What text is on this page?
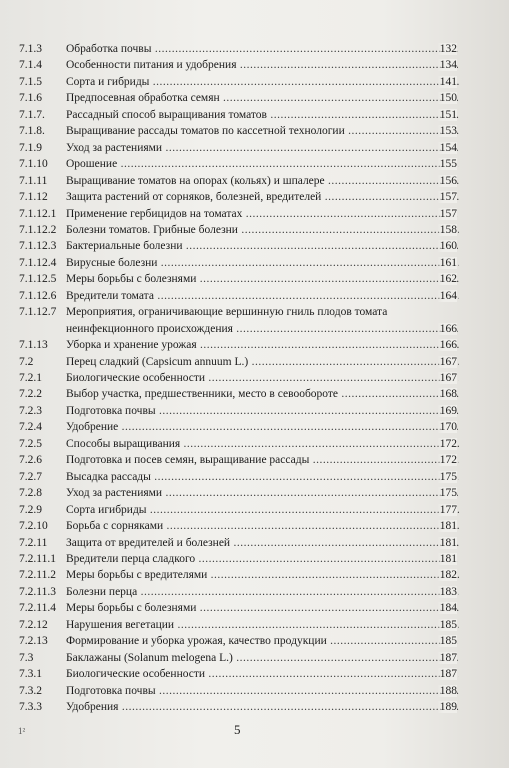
7.1.3 Обработка почвы .....	132
7.1.4 Особенности питания и удобрения .....	134
7.1.5 Сорта и гибриды .....	141
7.1.6 Предпосевная обработка семян .....	150
7.1.7. Рассадный способ выращивания томатов .....	151
7.1.8. Выращивание рассады томатов по кассетной технологии .....	153
7.1.9 Уход за растениями .....	154
7.1.10 Орошение .....	155
7.1.11 Выращивание томатов на опорах (кольях) и шпалере .....	156
7.1.12 Защита растений от сорняков, болезней, вредителей .....	157
7.1.12.1 Применение гербицидов на томатах .....	157
7.1.12.2 Болезни томатов. Грибные болезни .....	158
7.1.12.3 Бактериальные болезни .....	160
7.1.12.4 Вирусные болезни .....	161
7.1.12.5 Меры борьбы с болезнями .....	162
7.1.12.6 Вредители томата .....	164
7.1.12.7 Мероприятия, ограничивающие вершинную гниль плодов томата
неинфекционного происхождения .....	166
7.1.13 Уборка и хранение урожая .....	166
7.2	Перец сладкий (Capsicum annuum L.) .....	167
7.2.1 Биологические особенности .....	167
7.2.2 Выбор участка, предшественники, место в севообороте .....	168
7.2.3 Подготовка почвы .....	169
7.2.4 Удобрение .....	170
7.2.5 Способы выращивания .....	172
7.2.6 Подготовка и посев семян, выращивание рассады .....	172
7.2.7 Высадка рассады .....	175
7.2.8 Уход за растениями .....	175
7.2.9 Сорта игибриды .....	177
7.2.10 Борьба с сорняками .....	181
7.2.11 Защита от вредителей и болезней .....	181
7.2.11.1 Вредители перца сладкого .....	181
7.2.11.2 Меры борьбы с вредителями .....	182
7.2.11.3 Болезни перца .....	183
7.2.11.4 Меры борьбы с болезнями .....	184
7.2.12 Нарушения вегетации .....	185
7.2.13 Формирование и уборка урожая, качество продукции .....	185
7.3	Баклажаны (Solanum melogena L.) .....	187
7.3.1 Биологические особенности .....	187
7.3.2 Подготовка почвы .....	188
7.3.3 Удобрения .....	189
5
1²
